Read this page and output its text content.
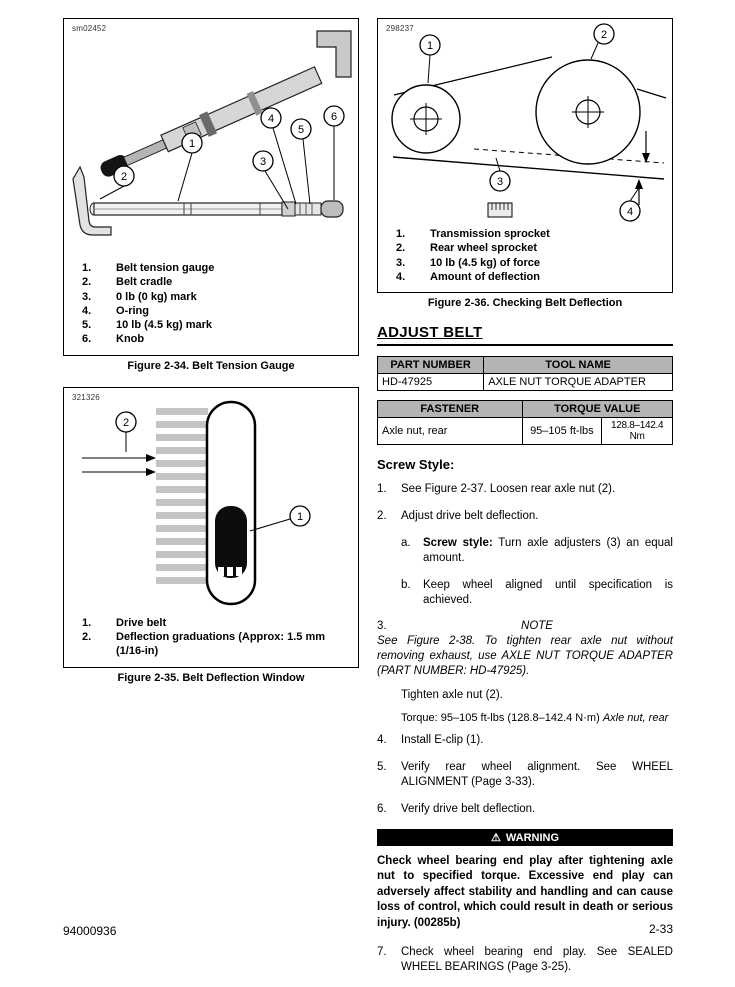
sm02452
1
2
3
4
5
6
1.	Belt tension gauge
2.	Belt cradle
3.	0 lb (0 kg) mark
4.	O-ring
5.	10 lb (4.5 kg) mark
6.	Knob
Figure 2-34. Belt Tension Gauge
321326
2
1
1.	Drive belt
2.	Deflection graduations (Approx: 1.5 mm (1/16-in)
Figure 2-35. Belt Deflection Window
298237
1
2
3
4
1.	Transmission sprocket
2.	Rear wheel sprocket
3.	10 lb (4.5 kg) of force
4.	Amount of deflection
Figure 2-36. Checking Belt Deflection
ADJUST BELT
PART NUMBER	TOOL NAME
HD-47925	AXLE NUT TORQUE ADAPTER
FASTENER	TORQUE VALUE	
Axle nut, rear	95–105 ft-lbs	128.8–142.4 Nm
Screw Style:
1.	See Figure 2-37. Loosen rear axle nut (2).
2.	Adjust drive belt deflection.
a.	Screw style: Turn axle adjusters (3) an equal amount.
b.	Keep wheel aligned until specification is achieved.
3.	NOTE
See Figure 2-38. To tighten rear axle nut without removing exhaust, use AXLE NUT TORQUE ADAPTER (PART NUMBER: HD-47925).
Tighten axle nut (2).
Torque: 95–105 ft-lbs (128.8–142.4 N·m) Axle nut, rear
4.	Install E-clip (1).
5.	Verify rear wheel alignment. See WHEEL ALIGNMENT (Page 3-33).
6.	Verify drive belt deflection.
⚠ WARNING
Check wheel bearing end play after tightening axle nut to specified torque. Excessive end play can adversely affect stability and handling and can cause loss of control, which could result in death or serious injury. (00285b)
7.	Check wheel bearing end play. See SEALED WHEEL BEARINGS (Page 3-25).
94000936	2-33
